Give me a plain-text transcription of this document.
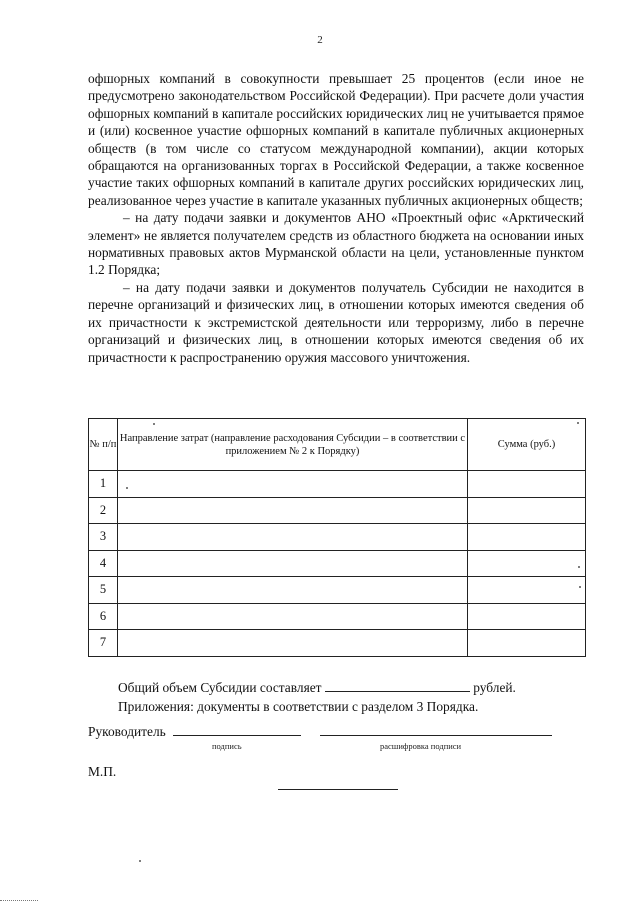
2

офшорных компаний в совокупности превышает 25 процентов (если иное не предусмотрено законодательством Российской Федерации). При расчете доли участия офшорных компаний в капитале российских юридических лиц не учитывается прямое и (или) косвенное участие офшорных компаний в капитале публичных акционерных обществ (в том числе со статусом международной компании), акции которых обращаются на организованных торгах в Российской Федерации, а также косвенное участие таких офшорных компаний в капитале других российских юридических лиц, реализованное через участие в капитале указанных публичных акционерных обществ;

– на дату подачи заявки и документов АНО «Проектный офис «Арктический элемент» не является получателем средств из областного бюджета на основании иных нормативных правовых актов Мурманской области на цели, установленные пунктом 1.2 Порядка;

– на дату подачи заявки и документов получатель Субсидии не находится в перечне организаций и физических лиц, в отношении которых имеются сведения об их причастности к экстремистской деятельности или терроризму, либо в перечне организаций и физических лиц, в отношении которых имеются сведения об их причастности к распространению оружия массового уничтожения.

№ п/п	Направление затрат (направление расходования Субсидии – в соответствии с приложением № 2 к Порядку)	Сумма (руб.)
1		
2		
3		
4		
5		
6		
7		
Общий объем Субсидии составляет	рублей.
Приложения: документы в соответствии с разделом 3 Порядка.
Руководитель
подпись	расшифровка подписи
М.П.
